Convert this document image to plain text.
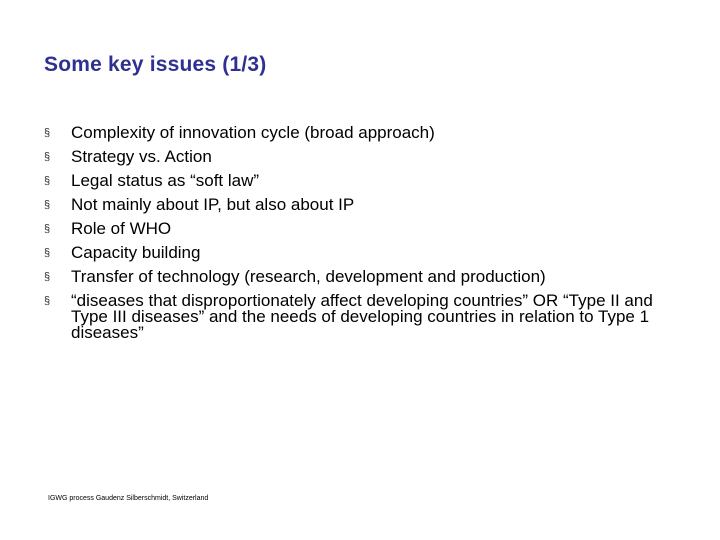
Some key issues (1/3)
§ Complexity of innovation cycle (broad approach)
§ Strategy vs. Action
§ Legal status as “soft law”
§ Not mainly about IP, but also about IP
§ Role of WHO
§ Capacity building
§ Transfer of technology (research, development and production)
§ “diseases that disproportionately affect developing countries” OR “Type II and Type III diseases” and the needs of developing countries in relation to Type 1 diseases”
IGWG process Gaudenz Silberschmidt, Switzerland
